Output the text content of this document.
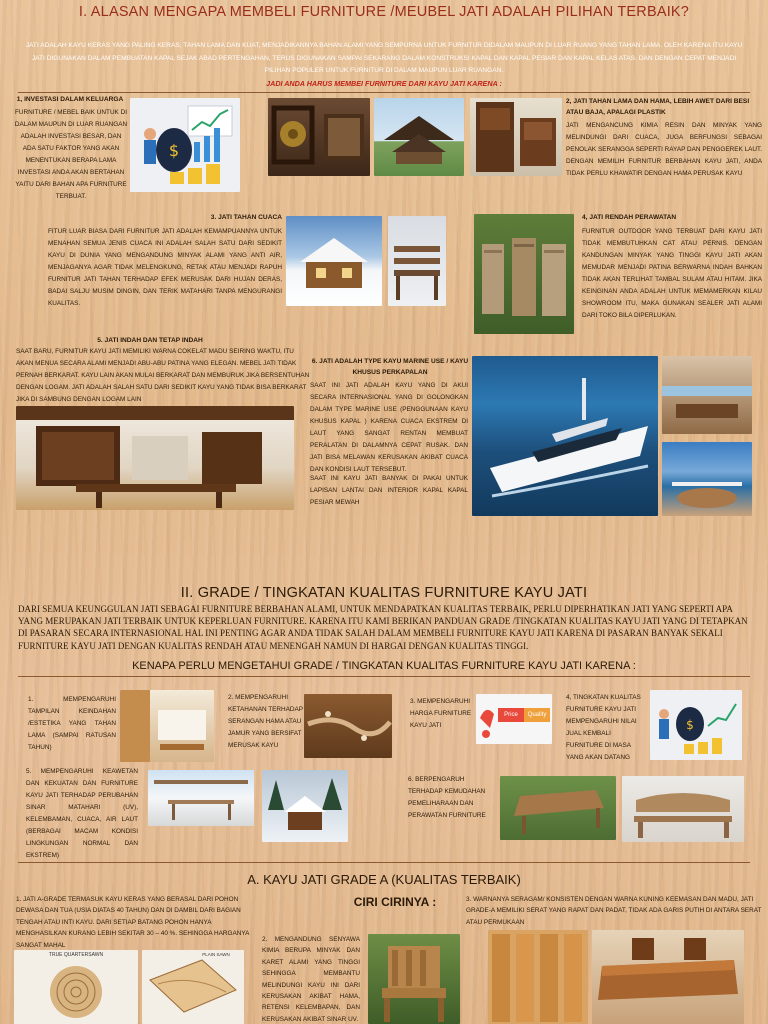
I. ALASAN MENGAPA MEMBELI FURNITURE /MEUBEL JATI ADALAH PILIHAN TERBAIK?
JATI ADALAH KAYU KERAS YANG PALING KERAS, TAHAN LAMA DAN KUAT, MENJADIKANNYA BAHAN ALAMI YANG SEMPURNA UNTUK FURNITUR DIDALAM MAUPUN DI LUAR RUANG YANG TAHAN LAMA. OLEH KARENA ITU KAYU JATI DIGUNAKAN DALAM PEMBUATAN KAPAL SEJAK ABAD PERTENGAHAN, TERUS DIGUNAKAN SAMPAI SEKARANG DALAM KONSTRUKSI KAPAL DAN KAPAL PESIAR DAN KAPAL KELAS ATAS. DAN DENGAN CEPAT MENJADI PILIHAN POPULER UNTUK FURNITUR DI DALAM MAUPUN LUAR RUANGAN.
JADI ANDA HARUS MEMBEI FURNITURE DARI KAYU JATI KARENA :
1, INVESTASI DALAM KELUARGA
FURNITURE / MEBEL BAIK UNTUK DI DALAM MAUPUN DI LUAR RUANGAN ADALAH INVESTASI BESAR, DAN ADA SATU FAKTOR YANG AKAN MENENTUKAN BERAPA LAMA INVESTASI ANDA AKAN BERTAHAN YAITU DARI BAHAN APA FURNITURE TERBUAT.
$
2, JATI TAHAN LAMA DAN HAMA, LEBIH AWET DARI BESI ATAU BAJA, APALAGI PLASTIK
JATI MENGANCUNG KIMIA RESIN DAN MINYAK YANG MELINDUNGI DARI CUACA, JUGA BERFUNGSI SEBAGAI PENOLAK SERANGGA SEPERTI RAYAP DAN PENGGEREK LAUT. DENGAN MEMILIH FURNITUR BERBAHAN KAYU JATI, ANDA TIDAK PERLU KHAWATIR DENGAN HAMA PERUSAK KAYU
3. JATI TAHAN CUACA
FITUR LUAR BIASA DARI FURNITUR JATI ADALAH KEMAMPUANNYA UNTUK MENAHAN SEMUA JENIS CUACA INI ADALAH SALAH SATU DARI SEDIKIT KAYU DI DUNIA YANG MENGANDUNG MINYAK ALAMI YANG ANTI AIR, MENJAGANYA AGAR TIDAK MELENGKUNG, RETAK ATAU MENJADI RAPUH FURNITUR JATI TAHAN TERHADAP EFEK MERUSAK DARI HUJAN DERAS, BADAI SALJU MUSIM DINGIN, DAN TERIK MATAHARI TANPA MENGURANGI KUALITAS.
4, JATI RENDAH PERAWATAN
FURNITUR OUTDOOR YANG TERBUAT DARI KAYU JATI TIDAK MEMBUTUHKAN CAT ATAU PERNIS. DENGAN KANDUNGAN MINYAK YANG TINGGI KAYU JATI AKAN MEMUDAR MENJADI PATINA BERWARNA INDAH BAHKAN TIDAK AKAN TERLIHAT TAMBAL SULAM ATAU HITAM. JIKA KEINGINAN ANDA ADALAH UNTUK MEMAMERKAN KILAU SHOWROOM ITU, MAKA GUNAKAN SEALER JATI ALAMI DARI TOKO BILA DIPERLUKAN.
5. JATI INDAH DAN TETAP INDAH
SAAT BARU, FURNITUR KAYU JATI MEMILIKI WARNA COKELAT MADU SEIRING WAKTU, ITU AKAN MENUA SECARA ALAMI MENJADI ABU-ABU PATINA YANG ELEGAN. MEBEL JATI TIDAK PERNAH BERKARAT. KAYU LAIN AKAN MULAI BERKARAT DAN MEMBURUK JIKA BERSENTUHAN DENGAN LOGAM. JATI ADALAH SALAH SATU DARI SEDIKIT KAYU YANG TIDAK BISA BERKARAT JIKA DI SAMBUNG DENGAN LOGAM LAIN
6. JATI ADALAH TYPE KAYU MARINE USE / KAYU KHUSUS PERKAPALAN
SAAT INI JATI ADALAH KAYU YANG DI AKUI SECARA INTERNASIONAL YANG DI GOLONGKAN DALAM TYPE MARINE USE (PENGGUNAAN KAYU KHUSUS KAPAL ) KARENA CUACA EKSTREM DI LAUT YANG SANGAT RENTAN MEMBUAT PERALATAN DI DALAMNYA CEPAT RUSAK. DAN JATI BISA MELAWAN KERUSAKAN AKIBAT CUACA DAN KONDISI LAUT TERSEBUT.
SAAT INI KAYU JATI BANYAK DI PAKAI UNTUK LAPISAN LANTAI DAN INTERIOR KAPAL KAPAL PESIAR MEWAH
II. GRADE / TINGKATAN KUALITAS FURNITURE KAYU JATI
DARI SEMUA KEUNGGULAN JATI SEBAGAI FURNITURE BERBAHAN ALAMI, UNTUK MENDAPATKAN KUALITAS TERBAIK, PERLU DIPERHATIKAN JATI YANG SEPERTI APA YANG MERUPAKAN JATI TERBAIK UNTUK KEPERLUAN FURNITURE. KARENA ITU KAMI BERIKAN PANDUAN GRADE /TINGKATAN KUALITAS KAYU JATI YANG DI TETAPKAN DI PASARAN SECARA INTERNASIONAL HAL INI PENTING AGAR ANDA TIDAK SALAH DALAM MEMBELI FURNITURE KAYU JATI KARENA DI PASARAN BANYAK SEKALI FURNITURE KAYU JATI DENGAN KUALITAS RENDAH ATAU MENENGAH NAMUN DI HARGAI DENGAN KUALITAS TINGGI.
KENAPA PERLU MENGETAHUI GRADE / TINGKATAN KUALITAS FURNITURE KAYU JATI KARENA :
1. MEMPENGARUHI TAMPILAN KEINDAHAN /ESTETIKA YANG TAHAN LAMA (SAMPAI RATUSAN TAHUN)
2. MEMPENGARUHI KETAHANAN TERHADAP SERANGAN HAMA ATAU JAMUR YANG BERSIFAT MERUSAK KAYU
3. MEMPENGARUHI HARGA FURNITURE KAYU JATI
Price	Quality
4, TINGKATAN KUALITAS FURNITURE KAYU JATI MEMPENGARUHI NILAI JUAL KEMBALI FURNITURE DI MASA YANG AKAN DATANG
$
5. MEMPENGARUHI KEAWETAN DAN KEKUATAN DAN FURNITURE KAYU JATI TERHADAP PERUBAHAN SINAR MATAHARI (UV), KELEMBAMAN, CUACA, AIR LAUT (BERBAGAI MACAM KONDISI LINGKUNGAN NORMAL DAN EKSTREM)
6. BERPENGARUH TERHADAP KEMUDAHAN PEMELIHARAAN DAN PERAWATAN FURNITURE
A. KAYU JATI GRADE A (KUALITAS TERBAIK)
CIRI CIRINYA :
1. JATI A-GRADE TERMASUK KAYU KERAS YANG BERASAL DARI POHON DEWASA DAN TUA (USIA DIATAS 40 TAHUN) DAN DI DAMBIL DARI BAGIAN TENGAH ATAU INTI KAYU. DARI SETIAP BATANG POHON HANYA MENGHASILKAN KURANG LEBIH SEKITAR 30 – 40 %. SEHINGGA HARGANYA SANGAT MAHAL
TRUE QUARTERSAWN	PLAIN SAWN
2. MENGANDUNG SENYAWA KIMIA BERUPA MINYAK DAN KARET ALAMI YANG TINGGI SEHINGGA MEMBANTU MELINDUNGI KAYU INI DARI KERUSAKAN AKIBAT HAMA, RETENSI KELEMBAPAN, DAN KERUSAKAN AKIBAT SINAR UV.
3. WARNANYA SERAGAM/ KONSISTEN DENGAN WARNA KUNING KEEMASAN DAN MADU, JATI GRADE-A MEMILIKI SERAT YANG RAPAT DAN PADAT, TIDAK ADA GARIS PUTIH DI ANTARA SERAT ATAU PERMUKAAN
